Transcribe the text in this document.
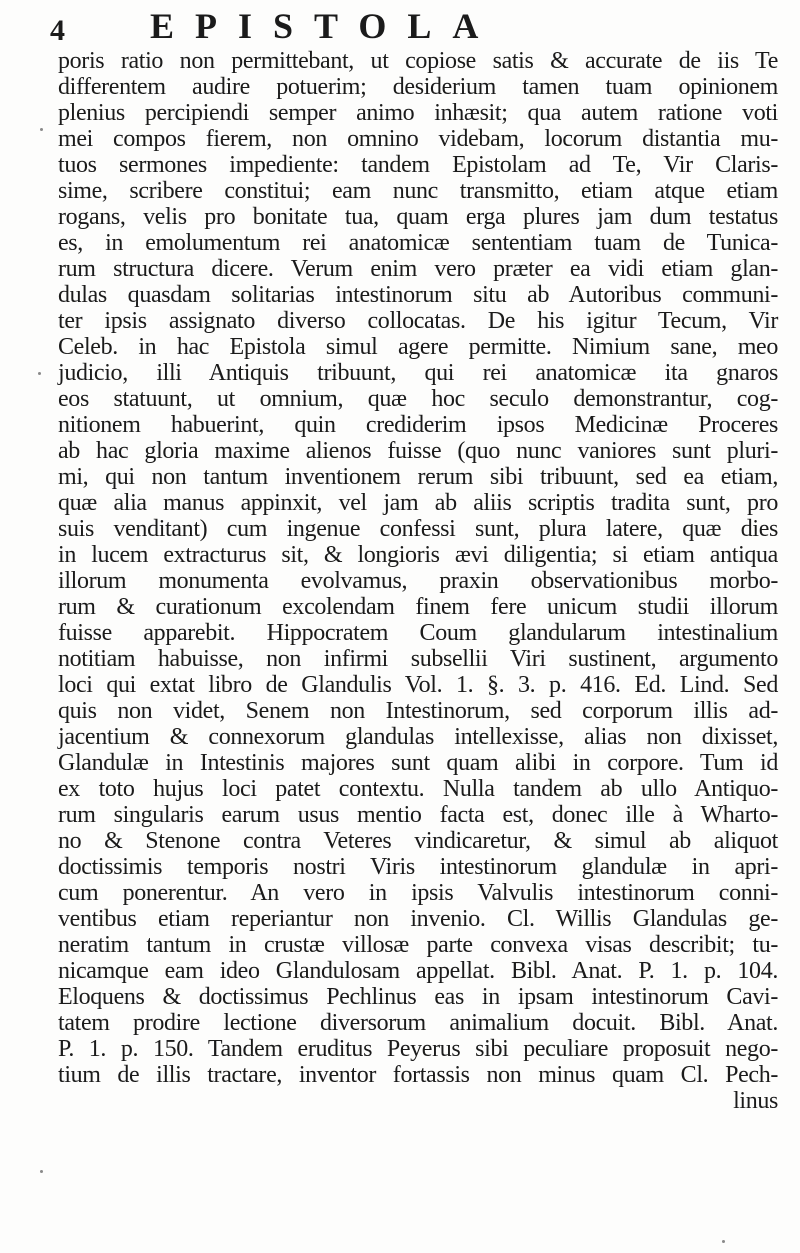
4 EPISTOLA
poris ratio non permittebant, ut copiose satis & accurate de iis Te
differentem audire potuerim; desiderium tamen tuam opinionem
plenius percipiendi semper animo inhæsit; qua autem ratione voti
mei compos fierem, non omnino videbam, locorum distantia mu-
tuos sermones impediente: tandem Epistolam ad Te, Vir Claris-
sime, scribere constitui; eam nunc transmitto, etiam atque etiam
rogans, velis pro bonitate tua, quam erga plures jam dum testatus
es, in emolumentum rei anatomicæ sententiam tuam de Tunica-
rum structura dicere. Verum enim vero præter ea vidi etiam glan-
dulas quasdam solitarias intestinorum situ ab Autoribus communi-
ter ipsis assignato diverso collocatas. De his igitur Tecum, Vir
Celeb. in hac Epistola simul agere permitte. Nimium sane, meo
judicio, illi Antiquis tribuunt, qui rei anatomicæ ita gnaros
eos statuunt, ut omnium, quæ hoc seculo demonstrantur, cog-
nitionem habuerint, quin crediderim ipsos Medicinæ Proceres
ab hac gloria maxime alienos fuisse (quo nunc vaniores sunt pluri-
mi, qui non tantum inventionem rerum sibi tribuunt, sed ea etiam,
quæ alia manus appinxit, vel jam ab aliis scriptis tradita sunt, pro
suis venditant) cum ingenue confessi sunt, plura latere, quæ dies
in lucem extracturus sit, & longioris ævi diligentia; si etiam antiqua
illorum monumenta evolvamus, praxin observationibus morbo-
rum & curationum excolendam finem fere unicum studii illorum
fuisse apparebit. Hippocratem Coum glandularum intestinalium
notitiam habuisse, non infirmi subsellii Viri sustinent, argumento
loci qui extat libro de Glandulis Vol. 1. §. 3. p. 416. Ed. Lind. Sed
quis non videt, Senem non Intestinorum, sed corporum illis ad-
jacentium & connexorum glandulas intellexisse, alias non dixisset,
Glandulæ in Intestinis majores sunt quam alibi in corpore. Tum id
ex toto hujus loci patet contextu. Nulla tandem ab ullo Antiquo-
rum singularis earum usus mentio facta est, donec ille à Wharto-
no & Stenone contra Veteres vindicaretur, & simul ab aliquot
doctissimis temporis nostri Viris intestinorum glandulæ in apri-
cum ponerentur. An vero in ipsis Valvulis intestinorum conni-
ventibus etiam reperiantur non invenio. Cl. Willis Glandulas ge-
neratim tantum in crustæ villosæ parte convexa visas describit; tu-
nicamque eam ideo Glandulosam appellat. Bibl. Anat. P. 1. p. 104.
Eloquens & doctissimus Pechlinus eas in ipsam intestinorum Cavi-
tatem prodire lectione diversorum animalium docuit. Bibl. Anat.
P. 1. p. 150. Tandem eruditus Peyerus sibi peculiare proposuit nego-
tium de illis tractare, inventor fortassis non minus quam Cl. Pech-
linus
